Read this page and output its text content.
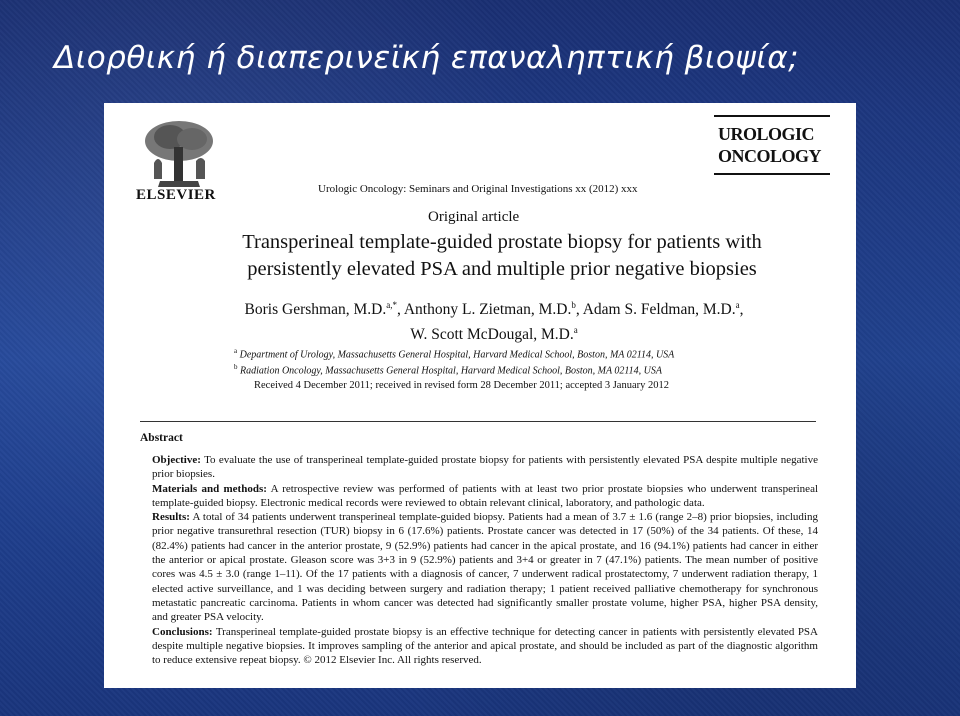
Διορθική ή διαπερινεϊκή επαναληπτική βιοψία;
ELSEVIER
UROLOGIC
ONCOLOGY
Urologic Oncology: Seminars and Original Investigations xx (2012) xxx
Original article
Transperineal template-guided prostate biopsy for patients with
persistently elevated PSA and multiple prior negative biopsies
Boris Gershman, M.D.$^{a,*}$, Anthony L. Zietman, M.D.$^b$, Adam S. Feldman, M.D.$^a$,
W. Scott McDougal, M.D.$^a$
$^a$ Department of Urology, Massachusetts General Hospital, Harvard Medical School, Boston, MA 02114, USA
$^b$ Radiation Oncology, Massachusetts General Hospital, Harvard Medical School, Boston, MA 02114, USA
Received 4 December 2011; received in revised form 28 December 2011; accepted 3 January 2012
Abstract

Objective: To evaluate the use of transperineal template-guided prostate biopsy for patients with persistently elevated PSA despite multiple negative prior biopsies.

Materials and methods: A retrospective review was performed of patients with at least two prior prostate biopsies who underwent transperineal template-guided biopsy. Electronic medical records were reviewed to obtain relevant clinical, laboratory, and pathologic data.

Results: A total of 34 patients underwent transperineal template-guided biopsy. Patients had a mean of 3.7 ± 1.6 (range 2–8) prior biopsies, including prior negative transurethral resection (TUR) biopsy in 6 (17.6%) patients. Prostate cancer was detected in 17 (50%) of the 34 patients. Of these, 14 (82.4%) patients had cancer in the anterior prostate, 9 (52.9%) patients had cancer in the apical prostate, and 16 (94.1%) patients had cancer in either the anterior or apical prostate. Gleason score was 3+3 in 9 (52.9%) patients and 3+4 or greater in 7 (47.1%) patients. The mean number of positive cores was 4.5 ± 3.0 (range 1–11). Of the 17 patients with a diagnosis of cancer, 7 underwent radical prostatectomy, 7 underwent radiation therapy, 1 elected active surveillance, and 1 was deciding between surgery and radiation therapy; 1 patient received palliative chemotherapy for synchronous metastatic pancreatic carcinoma. Patients in whom cancer was detected had significantly smaller prostate volume, higher PSA, higher PSA density, and greater PSA velocity.

Conclusions: Transperineal template-guided prostate biopsy is an effective technique for detecting cancer in patients with persistently elevated PSA despite multiple negative biopsies. It improves sampling of the anterior and apical prostate, and should be included as part of the diagnostic algorithm to reduce extensive repeat biopsy. © 2012 Elsevier Inc. All rights reserved.
